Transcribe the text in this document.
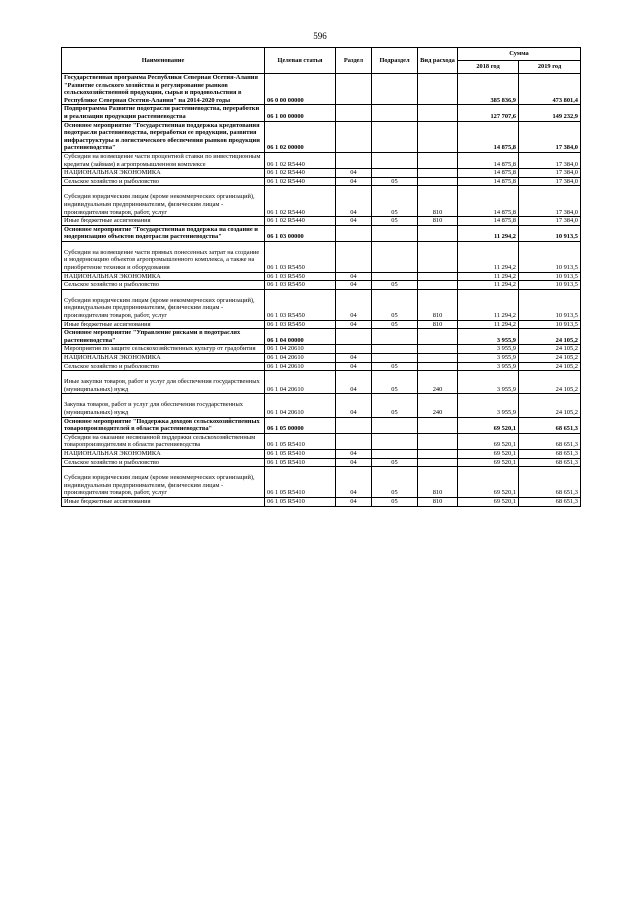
596
Наименование	Целевая статья	Раздел	Подраздел	Вид расхода	Сумма	
					2018 год	2019 год
Государственная программа Республики Северная Осетия-Алания "Развитие сельского хозяйства и регулирование рынков сельскохозяйственной продукции, сырья и продовольствия в Республике Северная Осетия-Алания" на 2014-2020 годы	06 0 00 00000				385 836,9	473 801,4
Подпрограмма Развитие подотрасли растениеводства, переработки и реализации продукции растениеводства	06 1 00 00000				127 707,6	149 232,9
Основное мероприятие "Государственная поддержка кредитования подотрасли растениеводства, переработки ее продукции, развития инфраструктуры и логистического обеспечения рынков продукции растениеводства"	06 1 02 00000				14 875,8	17 384,0
Субсидии на возмещение части процентной ставки по инвестиционным кредитам (займам) в агропромышленном комплексе	06 1 02 R5440				14 875,8	17 384,0
НАЦИОНАЛЬНАЯ ЭКОНОМИКА	06 1 02 R5440	04			14 875,8	17 384,0
Сельское хозяйство и рыболовство	06 1 02 R5440	04	05		14 875,8	17 384,0
Субсидии юридическим лицам (кроме некоммерческих организаций), индивидуальным предпринимателям, физическим лицам - производителям товаров, работ, услуг	06 1 02 R5440	04	05	810	14 875,8	17 384,0
Иные бюджетные ассигнования	06 1 02 R5440	04	05	810	14 875,8	17 384,0
Основное мероприятие "Государственная поддержка на создание и модернизацию объектов подотрасли растениеводства"	06 1 03 00000				11 294,2	10 913,5
Субсидии на возмещение части прямых понесенных затрат на создание и модернизацию объектов агропромышленного комплекса, а также на приобретение техники и оборудования	06 1 03 R5450				11 294,2	10 913,5
НАЦИОНАЛЬНАЯ ЭКОНОМИКА	06 1 03 R5450	04			11 294,2	10 913,5
Сельское хозяйство и рыболовство	06 1 03 R5450	04	05		11 294,2	10 913,5
Субсидии юридическим лицам (кроме некоммерческих организаций), индивидуальным предпринимателям, физическим лицам - производителям товаров, работ, услуг	06 1 03 R5450	04	05	810	11 294,2	10 913,5
Иные бюджетные ассигнования	06 1 03 R5450	04	05	810	11 294,2	10 913,5
Основное мероприятие "Управление рисками в подотраслях растениеводства"	06 1 04 00000				3 955,9	24 105,2
Мероприятия по защите сельскохозяйственных культур от градобития	06 1 04 20610				3 955,9	24 105,2
НАЦИОНАЛЬНАЯ ЭКОНОМИКА	06 1 04 20610	04			3 955,9	24 105,2
Сельское хозяйство и рыболовство	06 1 04 20610	04	05		3 955,9	24 105,2
Иные закупки товаров, работ и услуг для обеспечения государственных (муниципальных) нужд	06 1 04 20610	04	05	240	3 955,9	24 105,2
Закупка товаров, работ и услуг для обеспечения государственных (муниципальных) нужд	06 1 04 20610	04	05	240	3 955,9	24 105,2
Основное мероприятие "Поддержка доходов сельскохозяйственных товаропроизводителей в области растениеводства"	06 1 05 00000				69 520,1	68 651,3
Субсидии на оказание несвязанной поддержки сельскохозяйственным товаропроизводителям в области растениеводства	06 1 05 R5410				69 520,1	68 651,3
НАЦИОНАЛЬНАЯ ЭКОНОМИКА	06 1 05 R5410	04			69 520,1	68 651,3
Сельское хозяйство и рыболовство	06 1 05 R5410	04	05		69 520,1	68 651,3
Субсидии юридическим лицам (кроме некоммерческих организаций), индивидуальным предпринимателям, физическим лицам - производителям товаров, работ, услуг	06 1 05 R5410	04	05	810	69 520,1	68 651,3
Иные бюджетные ассигнования	06 1 05 R5410	04	05	810	69 520,1	68 651,3
